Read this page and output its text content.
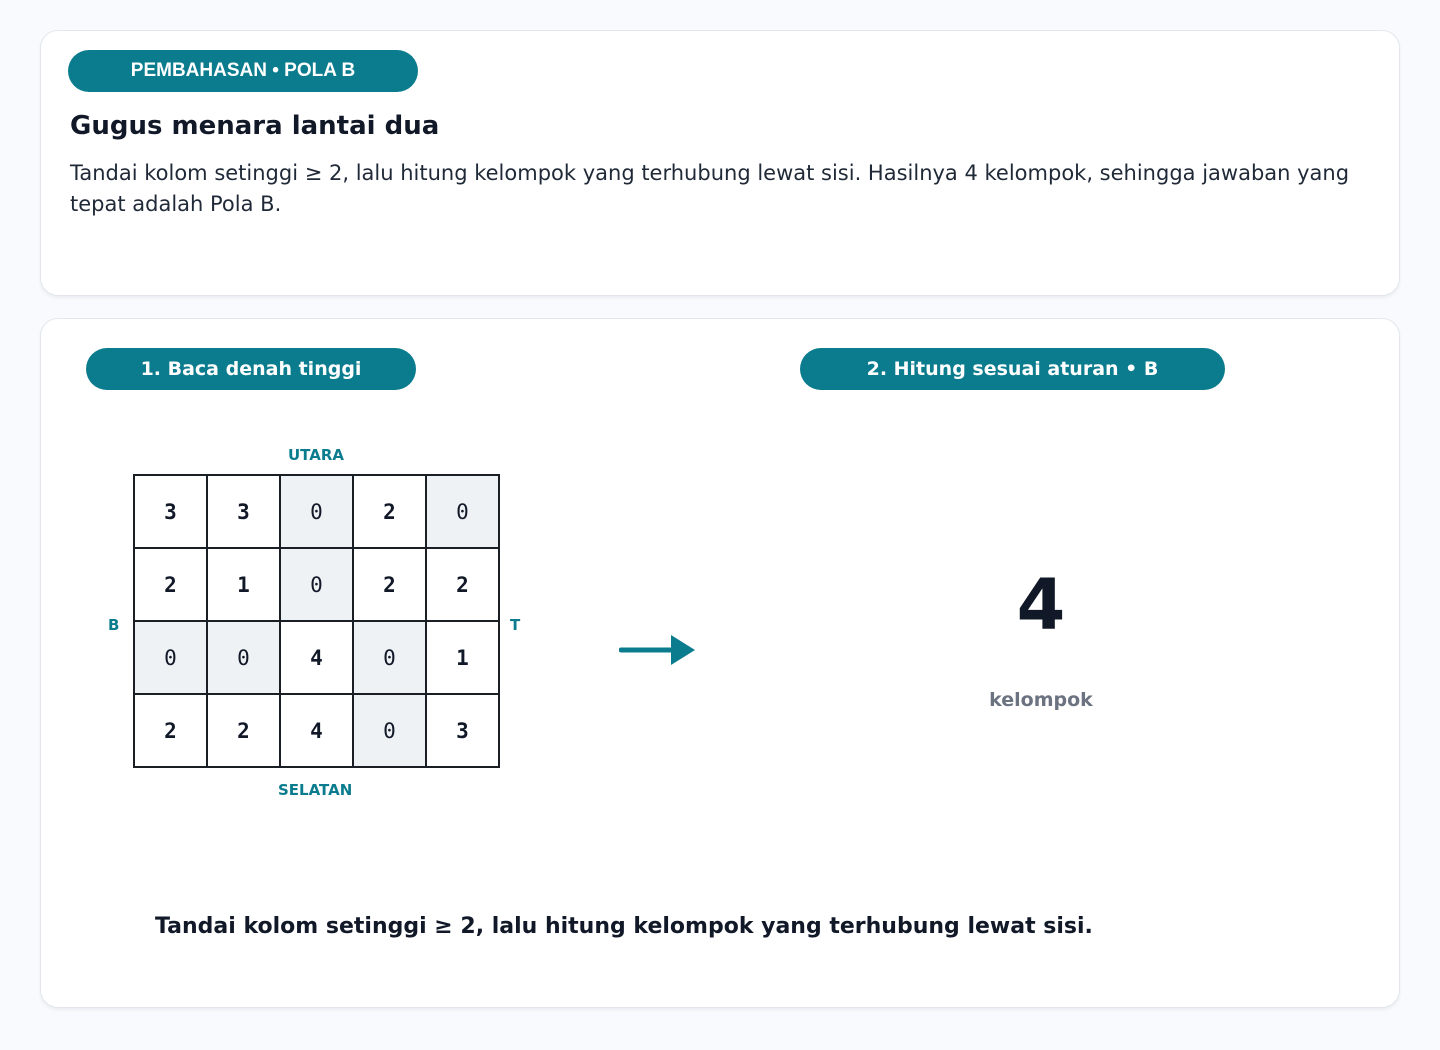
PEMBAHASAN • POLA B
Gugus menara lantai dua

Tandai kolom setinggi ≥ 2, lalu hitung kelompok yang terhubung lewat sisi. Hasilnya 4 kelompok, sehingga jawaban yang tepat adalah Pola B.

1. Baca denah tinggi	2. Hitung sesuai aturan • B
UTARA
SELATAN
B	T
3	3	0	2	0
2	1	0	2	2
0	0	4	0	1
2	2	4	0	3
4
kelompok
Tandai kolom setinggi ≥ 2, lalu hitung kelompok yang terhubung lewat sisi.
